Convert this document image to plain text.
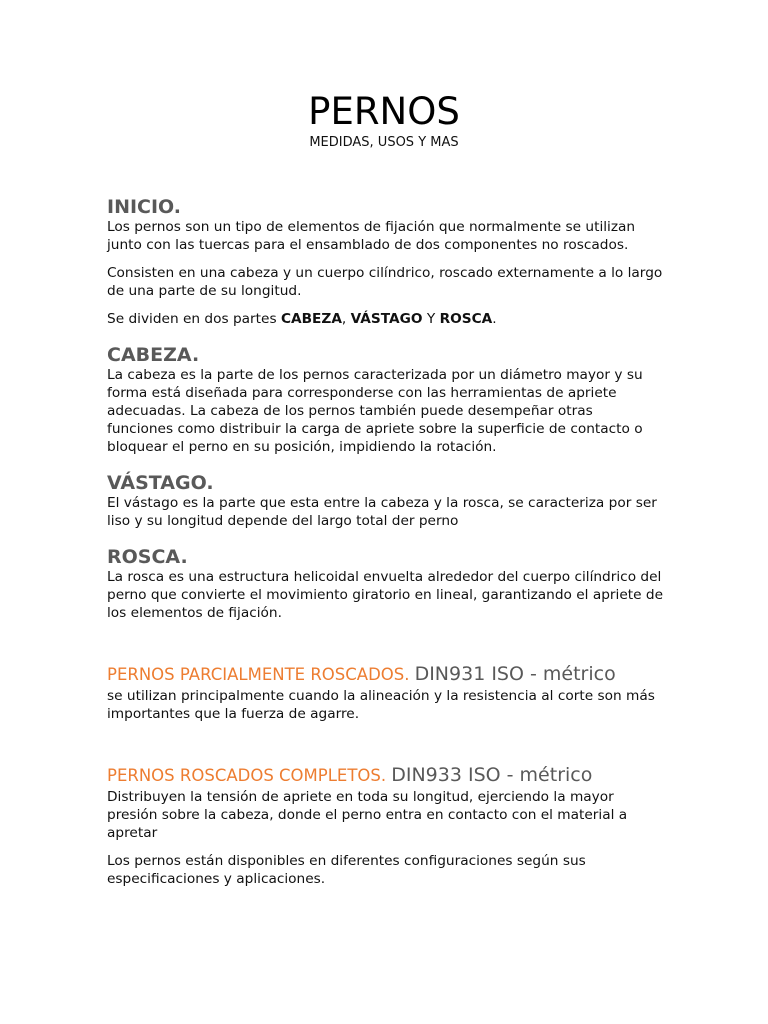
PERNOS
MEDIDAS, USOS Y MAS
INICIO.

Los pernos son un tipo de elementos de fijación que normalmente se utilizan junto con las tuercas para el ensamblado de dos componentes no roscados.

Consisten en una cabeza y un cuerpo cilíndrico, roscado externamente a lo largo de una parte de su longitud.

Se dividen en dos partes CABEZA, VÁSTAGO Y ROSCA.

CABEZA.

La cabeza es la parte de los pernos caracterizada por un diámetro mayor y su forma está diseñada para corresponderse con las herramientas de apriete adecuadas. La cabeza de los pernos también puede desempeñar otras funciones como distribuir la carga de apriete sobre la superficie de contacto o bloquear el perno en su posición, impidiendo la rotación.

VÁSTAGO.

El vástago es la parte que esta entre la cabeza y la rosca, se caracteriza por ser liso y su longitud depende del largo total der perno

ROSCA.

La rosca es una estructura helicoidal envuelta alrededor del cuerpo cilíndrico del perno que convierte el movimiento giratorio en lineal, garantizando el apriete de los elementos de fijación.

PERNOS PARCIALMENTE ROSCADOS. DIN931 ISO - métrico

se utilizan principalmente cuando la alineación y la resistencia al corte son más importantes que la fuerza de agarre.

PERNOS ROSCADOS COMPLETOS. DIN933 ISO - métrico

Distribuyen la tensión de apriete en toda su longitud, ejerciendo la mayor presión sobre la cabeza, donde el perno entra en contacto con el material a apretar

Los pernos están disponibles en diferentes configuraciones según sus especificaciones y aplicaciones.
